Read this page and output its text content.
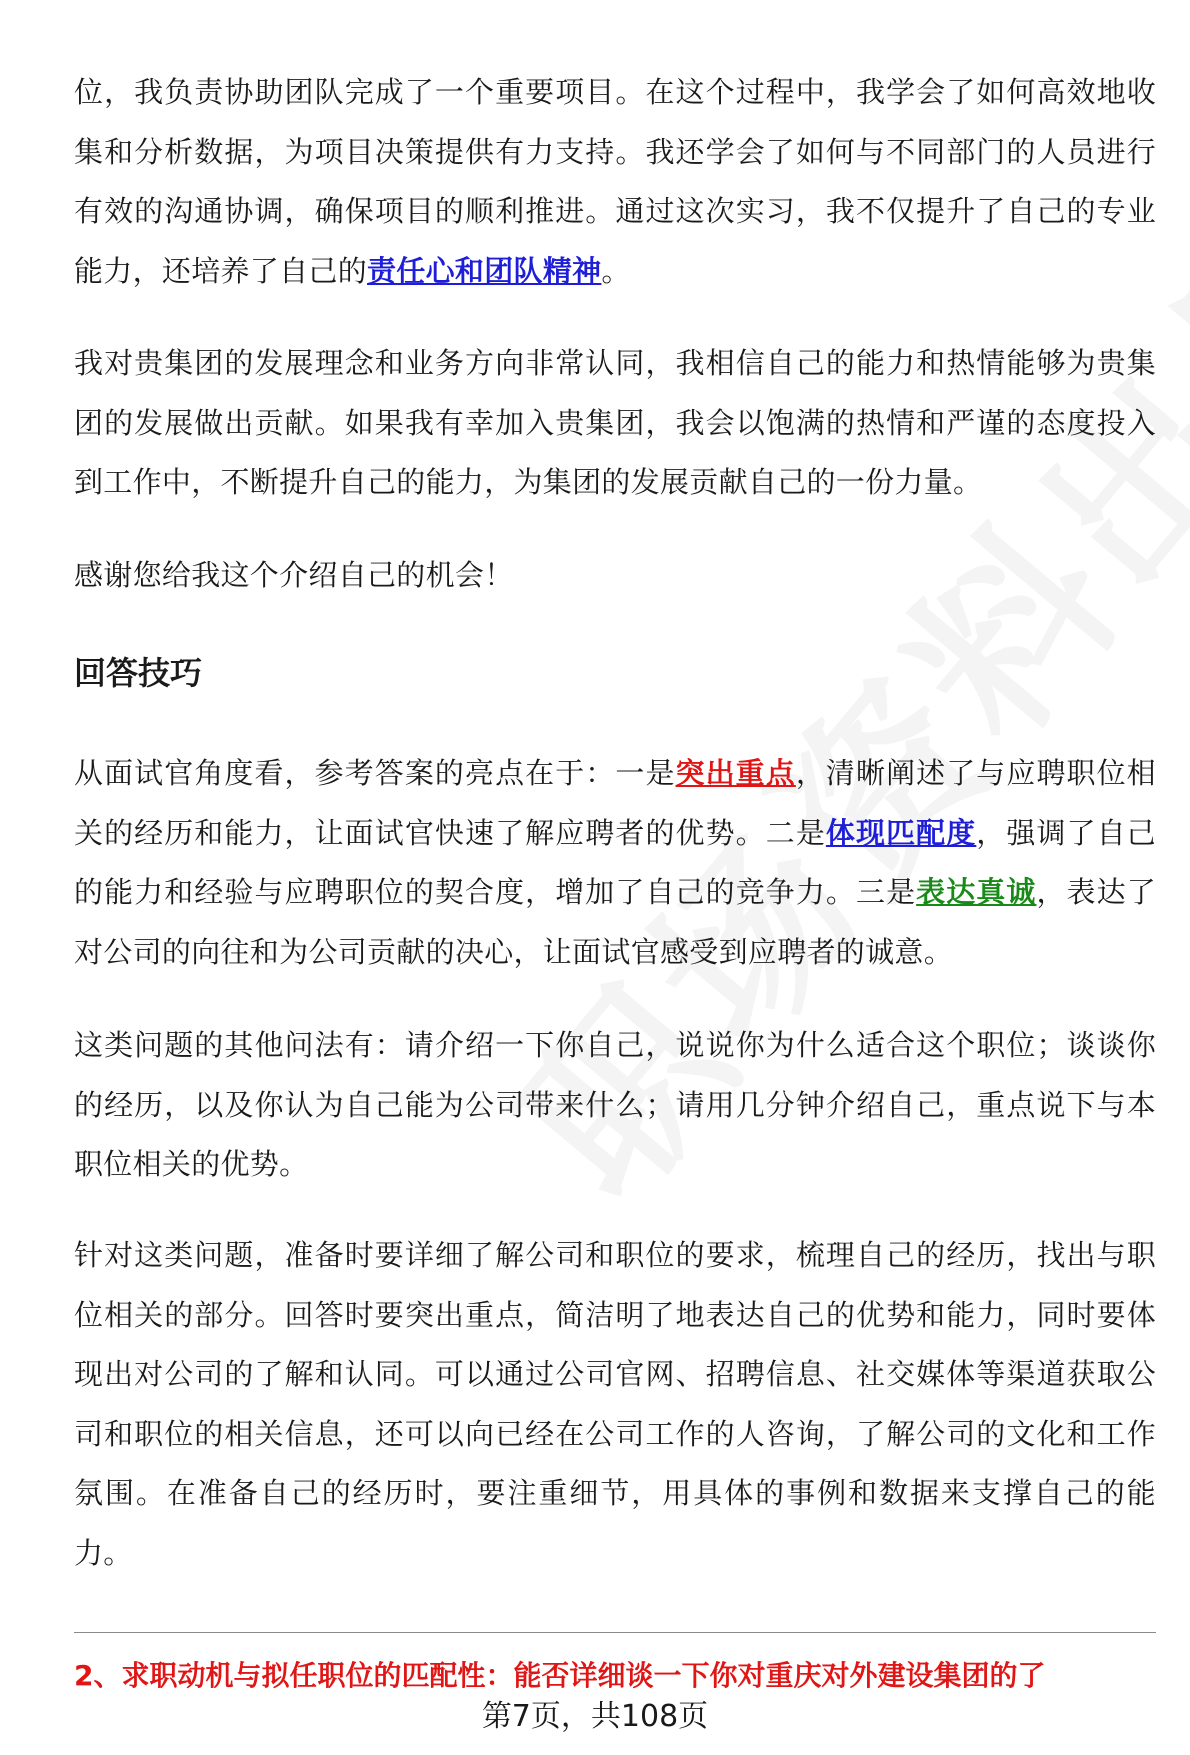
位，我负责协助团队完成了一个重要项目。在这个过程中，我学会了如何高效地收集和分析数据，为项目决策提供有力支持。我还学会了如何与不同部门的人员进行有效的沟通协调，确保项目的顺利推进。通过这次实习，我不仅提升了自己的专业能力，还培养了自己的责任心和团队精神。

我对贵集团的发展理念和业务方向非常认同，我相信自己的能力和热情能够为贵集团的发展做出贡献。如果我有幸加入贵集团，我会以饱满的热情和严谨的态度投入到工作中，不断提升自己的能力，为集团的发展贡献自己的一份力量。

感谢您给我这个介绍自己的机会！

回答技巧

从面试官角度看，参考答案的亮点在于：一是突出重点，清晰阐述了与应聘职位相关的经历和能力，让面试官快速了解应聘者的优势。二是体现匹配度，强调了自己的能力和经验与应聘职位的契合度，增加了自己的竞争力。三是表达真诚，表达了对公司的向往和为公司贡献的决心，让面试官感受到应聘者的诚意。

这类问题的其他问法有：请介绍一下你自己，说说你为什么适合这个职位；谈谈你的经历，以及你认为自己能为公司带来什么；请用几分钟介绍自己，重点说下与本职位相关的优势。

针对这类问题，准备时要详细了解公司和职位的要求，梳理自己的经历，找出与职位相关的部分。回答时要突出重点，简洁明了地表达自己的优势和能力，同时要体现出对公司的了解和认同。可以通过公司官网、招聘信息、社交媒体等渠道获取公司和职位的相关信息，还可以向已经在公司工作的人咨询，了解公司的文化和工作氛围。在准备自己的经历时，要注重细节，用具体的事例和数据来支撑自己的能力。

2、求职动机与拟任职位的匹配性：能否详细谈一下你对重庆对外建设集团的了
第7页，共108页
